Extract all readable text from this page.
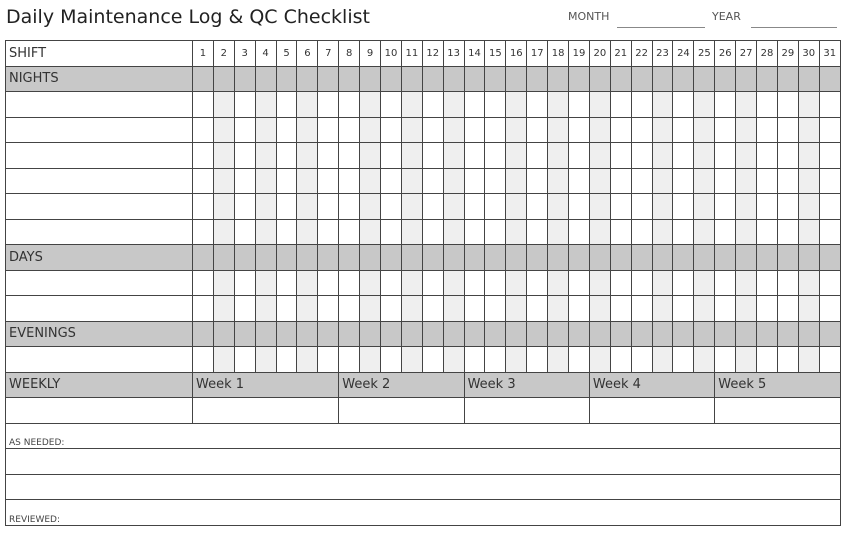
Daily Maintenance Log & QC Checklist	MONTH	YEAR
SHIFT	1	2	3	4	5	6	7	8	9	10	11	12	13	14	15	16	17	18	19	20	21	22	23	24	25	26	27	28	29	30	31
NIGHTS																															

DAYS																															

EVENINGS																															

WEEKLY	Week 1							Week 2						Week 3						Week 4						Week 5					

AS NEEDED:																															

REVIEWED:																															
